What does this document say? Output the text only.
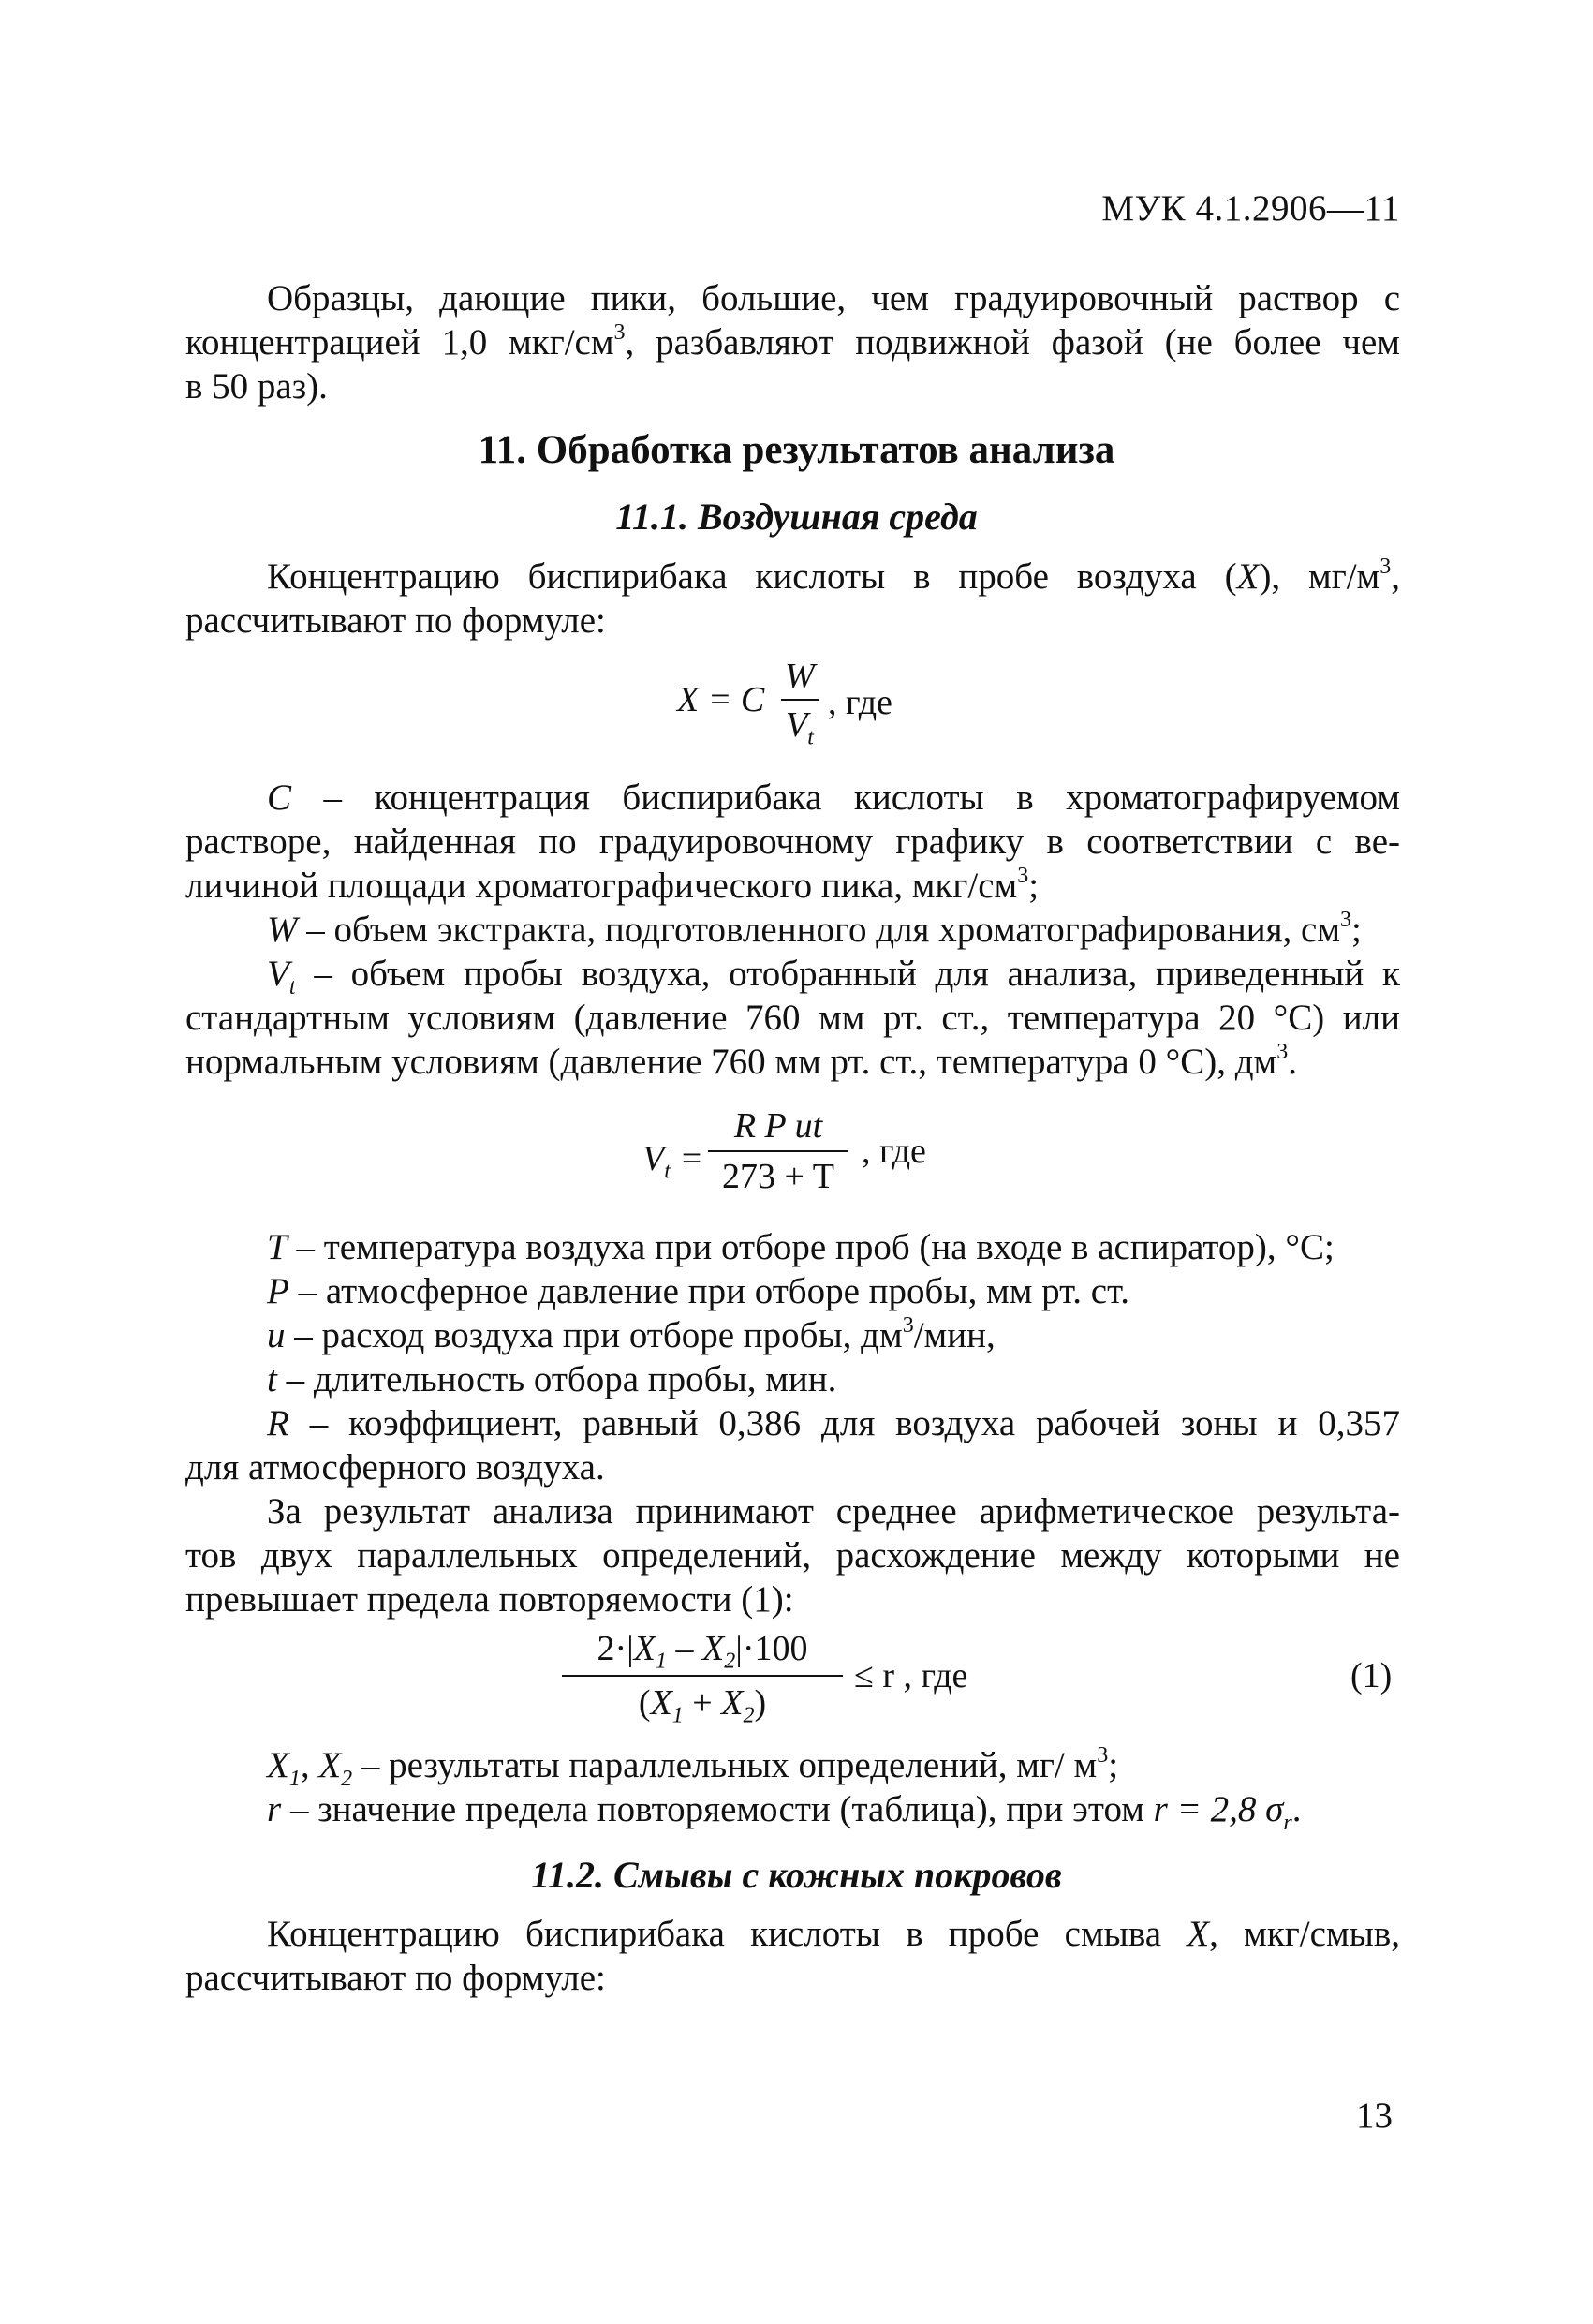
МУК 4.1.2906—11
Образцы, дающие пики, большие, чем градуировочный раствор с
концентрацией 1,0 мкг/$см^3$, разбавляют подвижной фазой (не более чем
в 50 раз).
11. Обработка результатов анализа
11.1. Воздушная среда
Концентрацию биспирибака кислоты в пробе воздуха (X), $мг/м^3$,
рассчитывают по формуле:
X = C
W
$V_t$
, где
C – концентрация биспирибака кислоты в хроматографируемом
растворе, найденная по градуировочному графику в соответствии с ве-
личиной площади хроматографического пика, мкг/$см^3$;
W – объем экстракта, подготовленного для хроматографирования, $см^3$;
$V_t$ – объем пробы воздуха, отобранный для анализа, приведенный к
стандартным условиям (давление 760 мм рт. ст., температура 20 °С) или
нормальным условиям (давление 760 мм рт. ст., температура 0 °С), $дм^3$.
$V_t$ =
R P ut
273 + T
, где
T – температура воздуха при отборе проб (на входе в аспиратор), °С;
P – атмосферное давление при отборе пробы, мм рт. ст.
u – расход воздуха при отборе пробы, $дм^3$/мин,
t – длительность отбора пробы, мин.
R – коэффициент, равный 0,386 для воздуха рабочей зоны и 0,357
для атмосферного воздуха.
За результат анализа принимают среднее арифметическое результа-
тов двух параллельных определений, расхождение между которыми не
превышает предела повторяемости (1):
$2\cdot|X_1 - X_2|\cdot 100$
$(X_1 + X_2)$
≤ r , где	(1)
$X_1$, $X_2$ – результаты параллельных определений, мг/ $м^3$;
r – значение предела повторяемости (таблица), при этом r = 2,8 $\sigma_r$.
11.2. Смывы с кожных покровов
Концентрацию биспирибака кислоты в пробе смыва X, мкг/смыв,
рассчитывают по формуле:
13
